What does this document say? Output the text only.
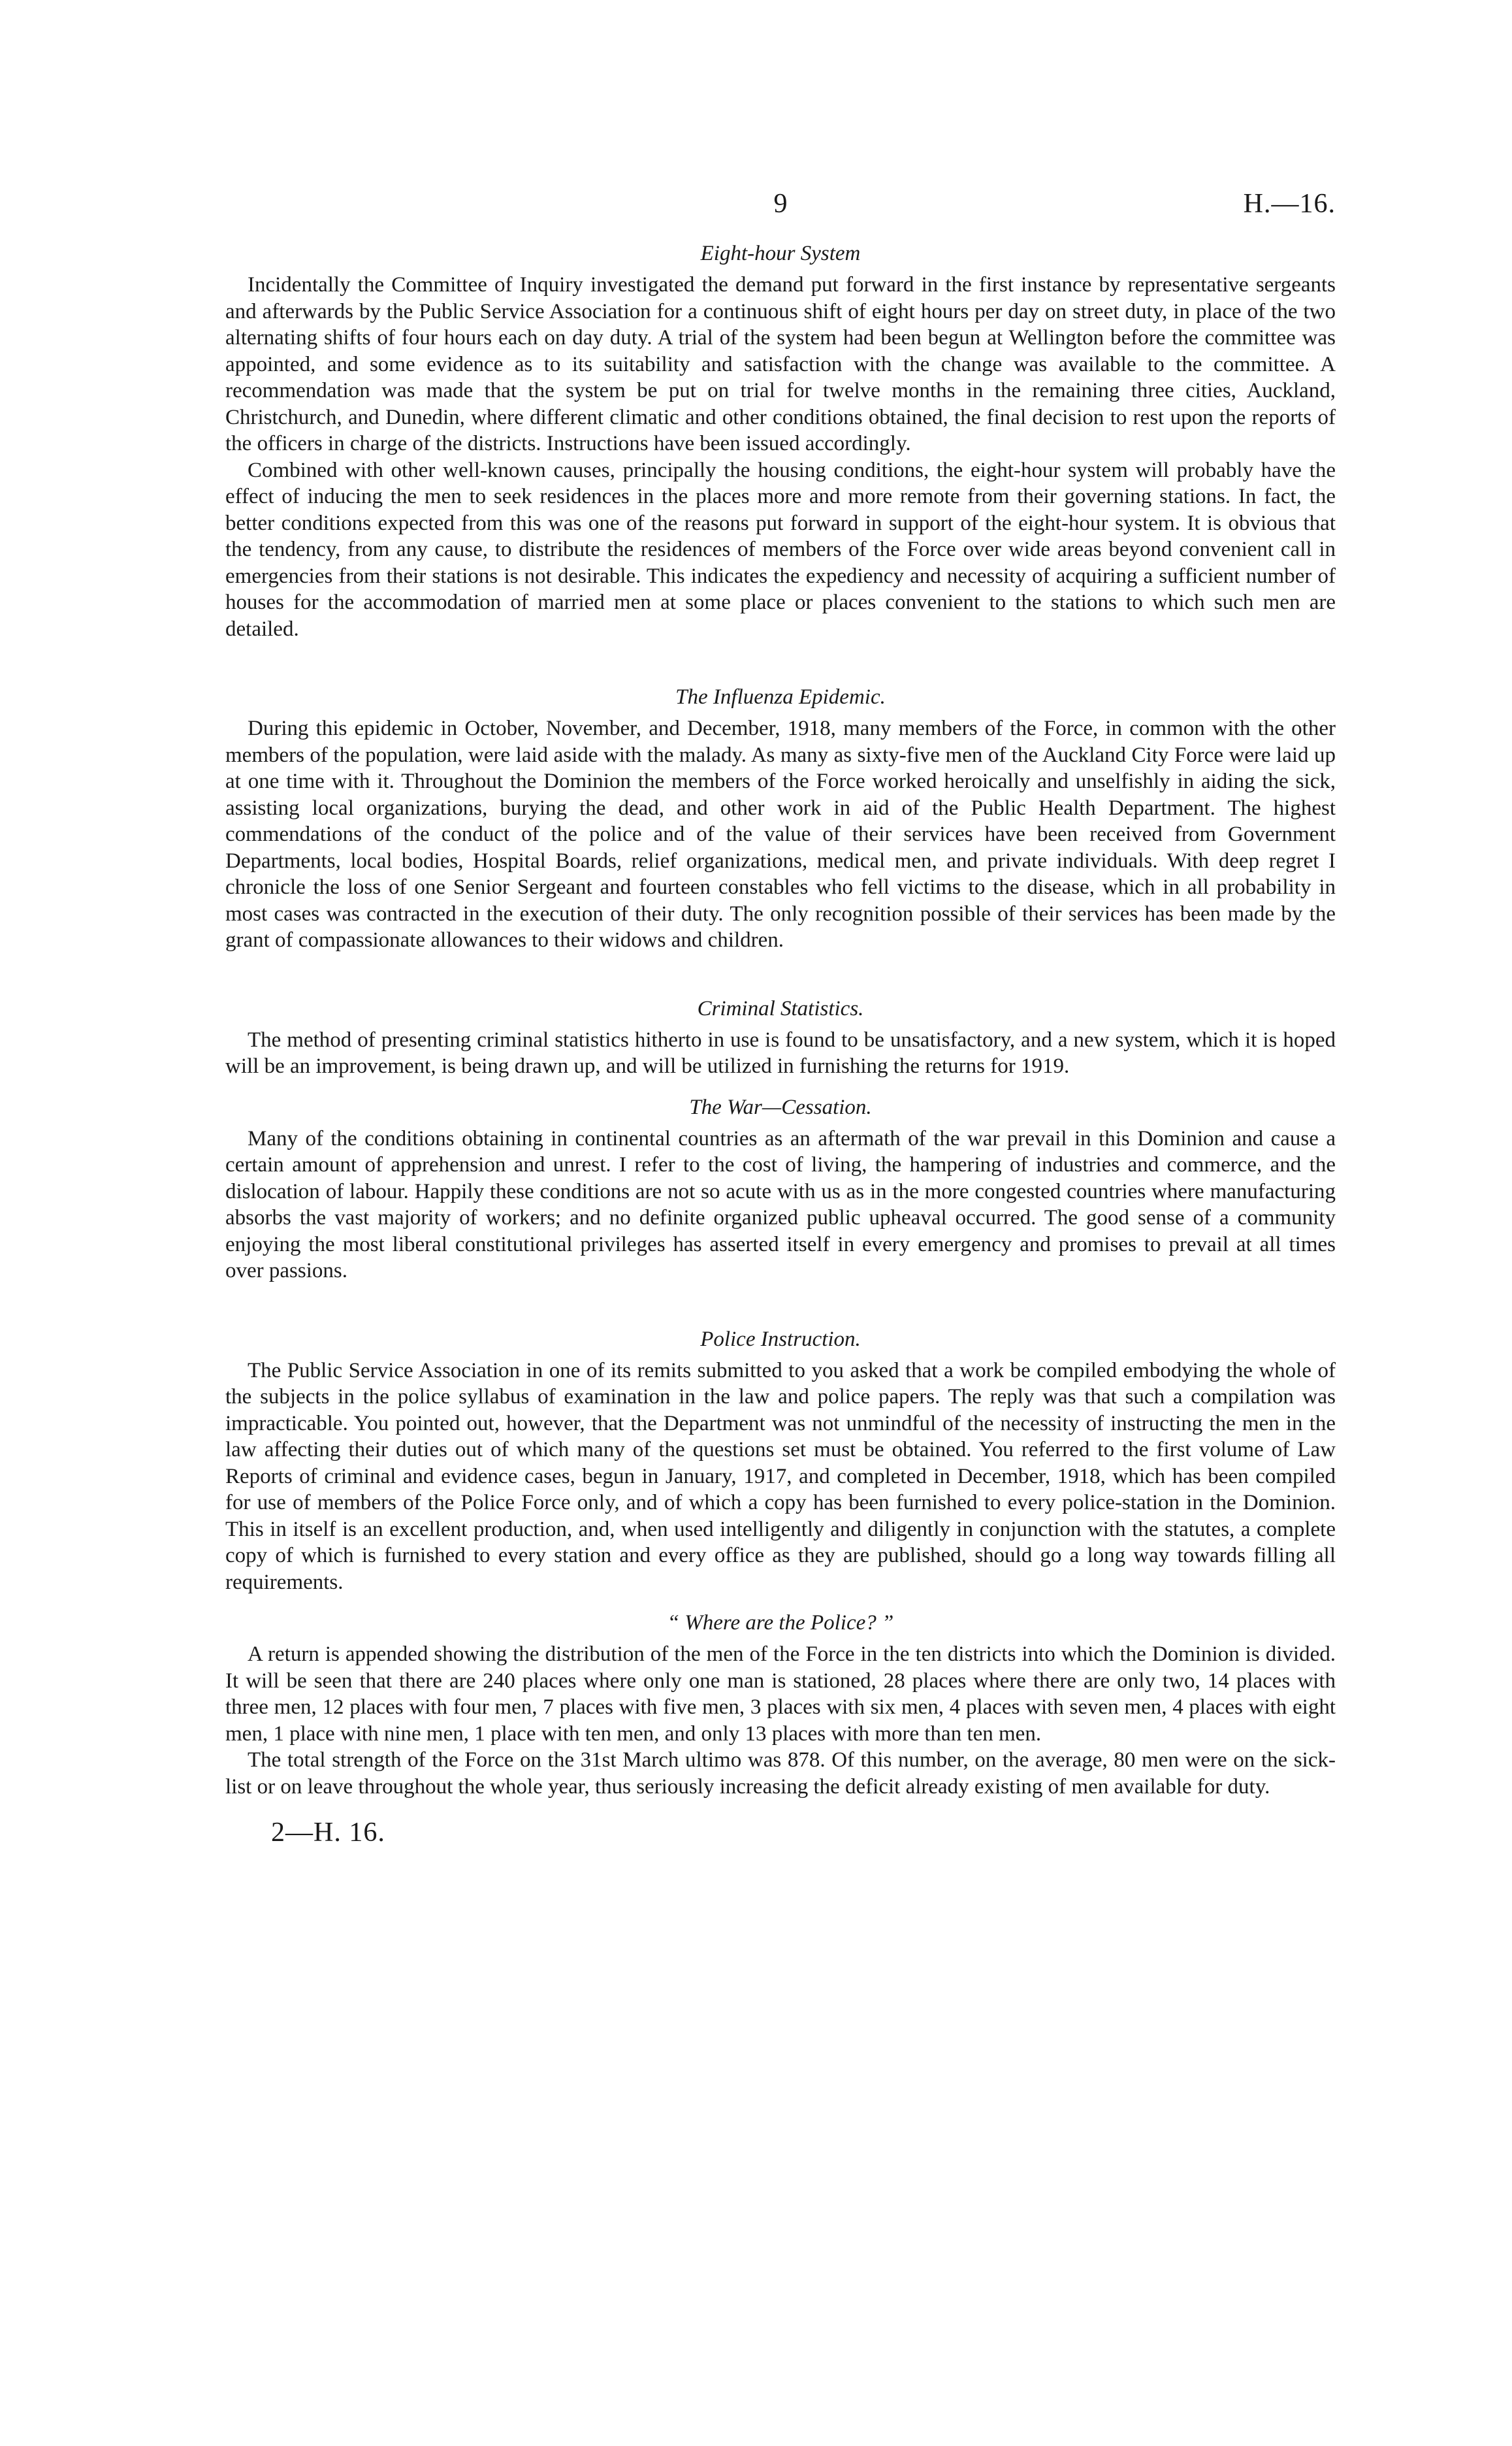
9	H.—16.
Eight-hour System

Incidentally the Committee of Inquiry investigated the demand put forward in the first instance by representative sergeants and afterwards by the Public Service Association for a continuous shift of eight hours per day on street duty, in place of the two alternating shifts of four hours each on day duty. A trial of the system had been begun at Wellington before the committee was appointed, and some evidence as to its suitability and satisfaction with the change was available to the committee. A recommendation was made that the system be put on trial for twelve months in the remaining three cities, Auckland, Christchurch, and Dunedin, where different climatic and other conditions obtained, the final decision to rest upon the reports of the officers in charge of the districts. Instructions have been issued accordingly.

Combined with other well-known causes, principally the housing conditions, the eight-hour system will probably have the effect of inducing the men to seek residences in the places more and more remote from their governing stations. In fact, the better conditions expected from this was one of the reasons put forward in support of the eight-hour system. It is obvious that the tendency, from any cause, to distribute the residences of members of the Force over wide areas beyond convenient call in emergencies from their stations is not desirable. This indicates the expediency and necessity of acquiring a sufficient number of houses for the accommodation of married men at some place or places convenient to the stations to which such men are detailed.

The Influenza Epidemic.

During this epidemic in October, November, and December, 1918, many members of the Force, in common with the other members of the population, were laid aside with the malady. As many as sixty-five men of the Auckland City Force were laid up at one time with it. Throughout the Dominion the members of the Force worked heroically and unselfishly in aiding the sick, assisting local organizations, burying the dead, and other work in aid of the Public Health Department. The highest commendations of the conduct of the police and of the value of their services have been received from Government Departments, local bodies, Hospital Boards, relief organizations, medical men, and private individuals. With deep regret I chronicle the loss of one Senior Sergeant and fourteen constables who fell victims to the disease, which in all probability in most cases was contracted in the execution of their duty. The only recognition possible of their services has been made by the grant of compassionate allowances to their widows and children.

Criminal Statistics.

The method of presenting criminal statistics hitherto in use is found to be unsatisfactory, and a new system, which it is hoped will be an improvement, is being drawn up, and will be utilized in furnishing the returns for 1919.

The War—Cessation.

Many of the conditions obtaining in continental countries as an aftermath of the war prevail in this Dominion and cause a certain amount of apprehension and unrest. I refer to the cost of living, the hampering of industries and commerce, and the dislocation of labour. Happily these conditions are not so acute with us as in the more congested countries where manufacturing absorbs the vast majority of workers; and no definite organized public upheaval occurred. The good sense of a community enjoying the most liberal constitutional privileges has asserted itself in every emergency and promises to prevail at all times over passions.

Police Instruction.

The Public Service Association in one of its remits submitted to you asked that a work be compiled embodying the whole of the subjects in the police syllabus of examination in the law and police papers. The reply was that such a compilation was impracticable. You pointed out, however, that the Department was not unmindful of the necessity of instructing the men in the law affecting their duties out of which many of the questions set must be obtained. You referred to the first volume of Law Reports of criminal and evidence cases, begun in January, 1917, and completed in December, 1918, which has been compiled for use of members of the Police Force only, and of which a copy has been furnished to every police-station in the Dominion. This in itself is an excellent production, and, when used intelligently and diligently in conjunction with the statutes, a complete copy of which is furnished to every station and every office as they are published, should go a long way towards filling all requirements.

“ Where are the Police? ”

A return is appended showing the distribution of the men of the Force in the ten districts into which the Dominion is divided. It will be seen that there are 240 places where only one man is stationed, 28 places where there are only two, 14 places with three men, 12 places with four men, 7 places with five men, 3 places with six men, 4 places with seven men, 4 places with eight men, 1 place with nine men, 1 place with ten men, and only 13 places with more than ten men.

The total strength of the Force on the 31st March ultimo was 878. Of this number, on the average, 80 men were on the sick-list or on leave throughout the whole year, thus seriously increasing the deficit already existing of men available for duty.

2—H. 16.
